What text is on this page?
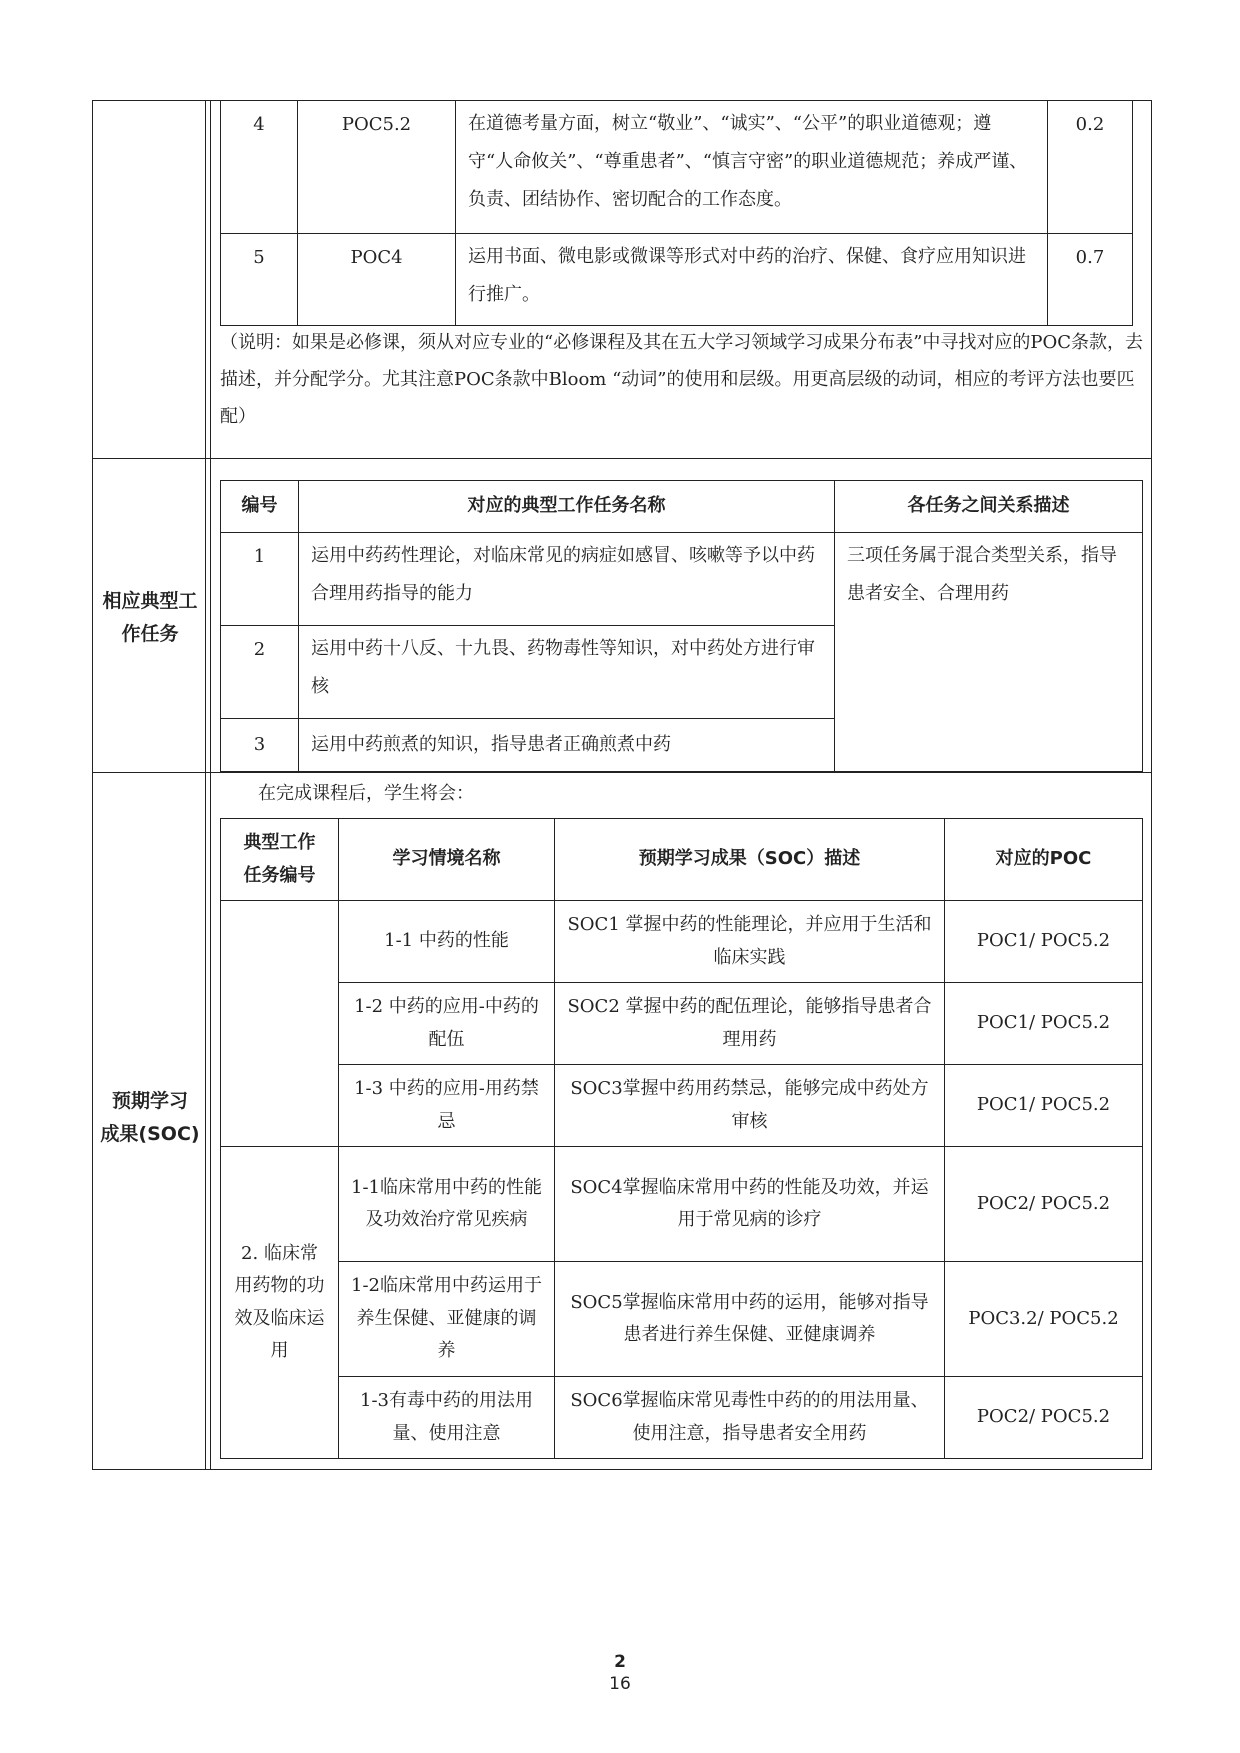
4	POC5.2	在道德考量方面，树立“敬业”、“诚实”、“公平”的职业道德观；遵守“人命攸关”、“尊重患者”、“慎言守密”的职业道德规范；养成严谨、负责、团结协作、密切配合的工作态度。	0.2
5	POC4	运用书面、微电影或微课等形式对中药的治疗、保健、食疗应用知识进行推广。	0.7
（说明：如果是必修课，须从对应专业的“必修课程及其在五大学习领域学习成果分布表”中寻找对应的POC条款，去描述，并分配学分。尤其注意POC条款中Bloom “动词”的使用和层级。用更高层级的动词，相应的考评方法也要匹配）
相应典型工作任务
编号	对应的典型工作任务名称	各任务之间关系描述
1	运用中药药性理论，对临床常见的病症如感冒、咳嗽等予以中药合理用药指导的能力	三项任务属于混合类型关系，指导患者安全、合理用药
2	运用中药十八反、十九畏、药物毒性等知识，对中药处方进行审核	
3	运用中药煎煮的知识，指导患者正确煎煮中药	
预期学习
成果(SOC)
在完成课程后，学生将会：
典型工作
任务编号	学习情境名称	预期学习成果（SOC）描述	对应的POC
	1-1 中药的性能	SOC1 掌握中药的性能理论，并应用于生活和临床实践	POC1/ POC5.2
	1-2 中药的应用-中药的配伍	SOC2 掌握中药的配伍理论，能够指导患者合理用药	POC1/ POC5.2
	1-3 中药的应用-用药禁忌	SOC3掌握中药用药禁忌，能够完成中药处方审核	POC1/ POC5.2
2. 临床常用药物的功效及临床运用	1-1临床常用中药的性能及功效治疗常见疾病	SOC4掌握临床常用中药的性能及功效，并运用于常见病的诊疗	POC2/ POC5.2
	1-2临床常用中药运用于养生保健、亚健康的调养	SOC5掌握临床常用中药的运用，能够对指导患者进行养生保健、亚健康调养	POC3.2/ POC5.2
	1-3有毒中药的用法用量、使用注意	SOC6掌握临床常见毒性中药的的用法用量、使用注意，指导患者安全用药	POC2/ POC5.2
2
16
